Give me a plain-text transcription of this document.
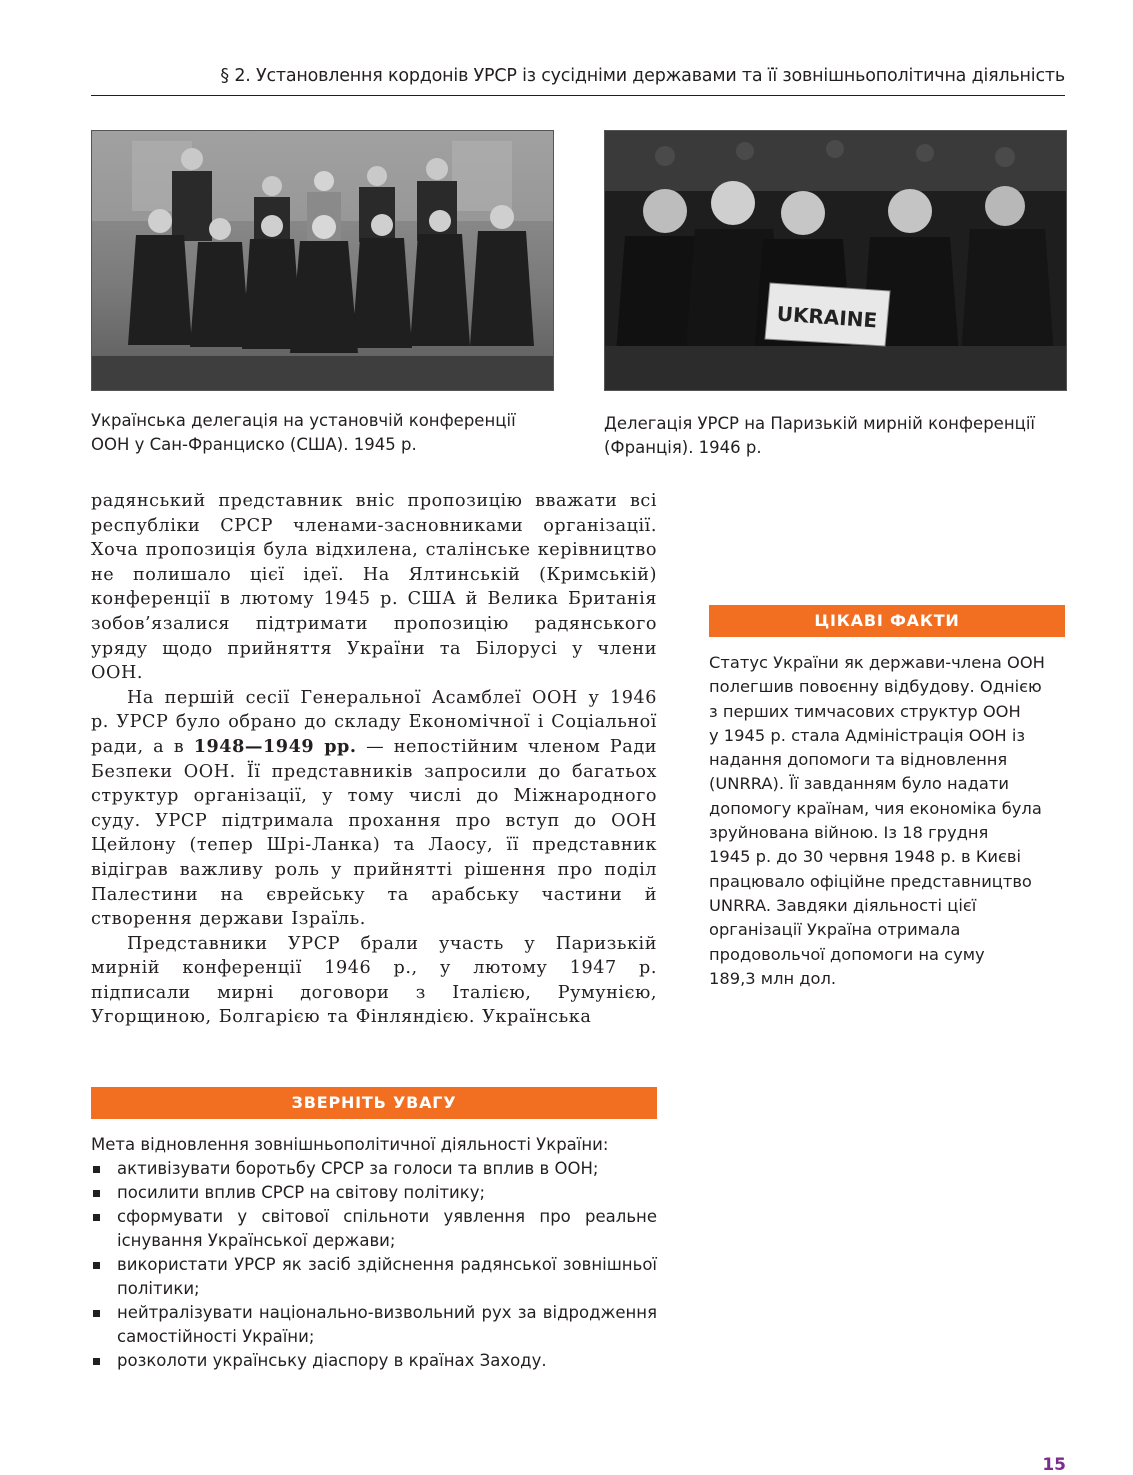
§ 2. Установлення кордонів УРСР із сусідніми державами та її зовнішньополітична діяльність
UKRAINE
Українська делегація на установчій конференції ООН у Сан-Франциско (США). 1945 р.
Делегація УРСР на Паризькій мирній конференції (Франція). 1946 р.

радянський представник вніс пропозицію вважати всі республіки СРСР членами-засновниками організації. Хоча пропозиція була відхилена, сталінське керівництво не полишало цієї ідеї. На Ялтинській (Кримській) конференції в лютому 1945 р. США й Велика Британія зобов’язалися підтримати пропозицію радянського уряду щодо прийняття України та Білорусі у члени ООН.

На першій сесії Генеральної Асамблеї ООН у 1946 р. УРСР було обрано до складу Економічної і Соціальної ради, а в 1948—1949 рр. — непостійним членом Ради Безпеки ООН. Її представників запросили до багатьох структур організації, у тому числі до Міжнародного суду. УРСР підтримала прохання про вступ до ООН Цейлону (тепер Шрі-Ланка) та Лаосу, її представник відіграв важливу роль у прийнятті рішення про поділ Палестини на єврейську та арабську частини й створення держави Ізраїль.

Представники УРСР брали участь у Паризькій мирній конференції 1946 р., у лютому 1947 р. підписали мирні договори з Італією, Румунією, Угорщиною, Болгарією та Фінляндією. Українська

ЦІКАВІ ФАКТИ
Статус України як держави-члена ООН
полегшив повоєнну відбудову. Однією
з перших тимчасових структур ООН
у 1945 р. стала Адміністрація ООН із
надання допомоги та відновлення
(UNRRA). Її завданням було надати
допомогу країнам, чия економіка була
зруйнована війною. Із 18 грудня
1945 р. до 30 червня 1948 р. в Києві
працювало офіційне представництво
UNRRA. Завдяки діяльності цієї
організації Україна отримала
продовольчої допомоги на суму
189,3 млн дол.
ЗВЕРНІТЬ УВАГУ
Мета відновлення зовнішньополітичної діяльності України:
активізувати боротьбу СРСР за голоси та вплив в ООН;
посилити вплив СРСР на світову політику;
сформувати у світової спільноти уявлення про реальне існування Української держави;
використати УРСР як засіб здійснення радянської зовнішньої політики;
нейтралізувати національно-визвольний рух за відродження самостійності України;
розколоти українську діаспору в країнах Заходу.
15
